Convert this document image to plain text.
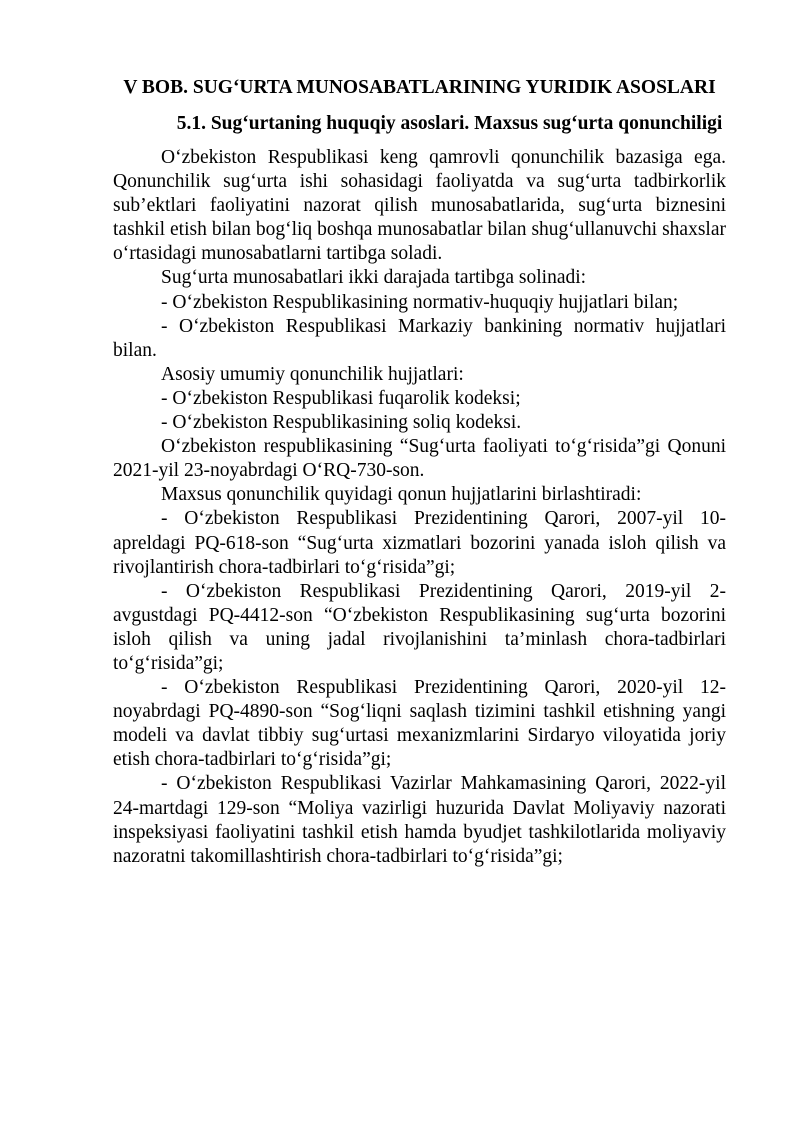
V BOB. SUG‘URTA MUNOSABATLARINING YURIDIK ASOSLARI
5.1. Sug‘urtaning huquqiy asoslari. Maxsus sug‘urta qonunchiligi

O‘zbekiston Respublikasi keng qamrovli qonunchilik bazasiga ega. Qonunchilik sug‘urta ishi sohasidagi faoliyatda va sug‘urta tadbirkorlik sub’ektlari faoliyatini nazorat qilish munosabatlarida, sug‘urta biznesini tashkil etish bilan bog‘liq boshqa munosabatlar bilan shug‘ullanuvchi shaxslar o‘rtasidagi munosabatlarni tartibga soladi.

Sug‘urta munosabatlari ikki darajada tartibga solinadi:

- O‘zbekiston Respublikasining normativ-huquqiy hujjatlari bilan;

- O‘zbekiston Respublikasi Markaziy bankining normativ hujjatlari bilan.

Asosiy umumiy qonunchilik hujjatlari:

- O‘zbekiston Respublikasi fuqarolik kodeksi;

- O‘zbekiston Respublikasining soliq kodeksi.

O‘zbekiston respublikasining “Sug‘urta faoliyati to‘g‘risida”gi Qonuni 2021-yil 23-noyabrdagi O‘RQ-730-son.

Maxsus qonunchilik quyidagi qonun hujjatlarini birlashtiradi:

- O‘zbekiston Respublikasi Prezidentining Qarori, 2007-yil 10-apreldagi PQ-618-son “Sug‘urta xizmatlari bozorini yanada isloh qilish va rivojlantirish chora-tadbirlari to‘g‘risida”gi;

- O‘zbekiston Respublikasi Prezidentining Qarori, 2019-yil 2-avgustdagi PQ-4412-son “O‘zbekiston Respublikasining sug‘urta bozorini isloh qilish va uning jadal rivojlanishini ta’minlash chora-tadbirlari to‘g‘risida”gi;

- O‘zbekiston Respublikasi Prezidentining Qarori, 2020-yil 12-noyabrdagi PQ-4890-son “Sog‘liqni saqlash tizimini tashkil etishning yangi modeli va davlat tibbiy sug‘urtasi mexanizmlarini Sirdaryo viloyatida joriy etish chora-tadbirlari to‘g‘risida”gi;

- O‘zbekiston Respublikasi Vazirlar Mahkamasining Qarori, 2022-yil 24-martdagi 129-son “Moliya vazirligi huzurida Davlat Moliyaviy nazorati inspeksiyasi faoliyatini tashkil etish hamda byudjet tashkilotlarida moliyaviy nazoratni takomillashtirish chora-tadbirlari to‘g‘risida”gi;
